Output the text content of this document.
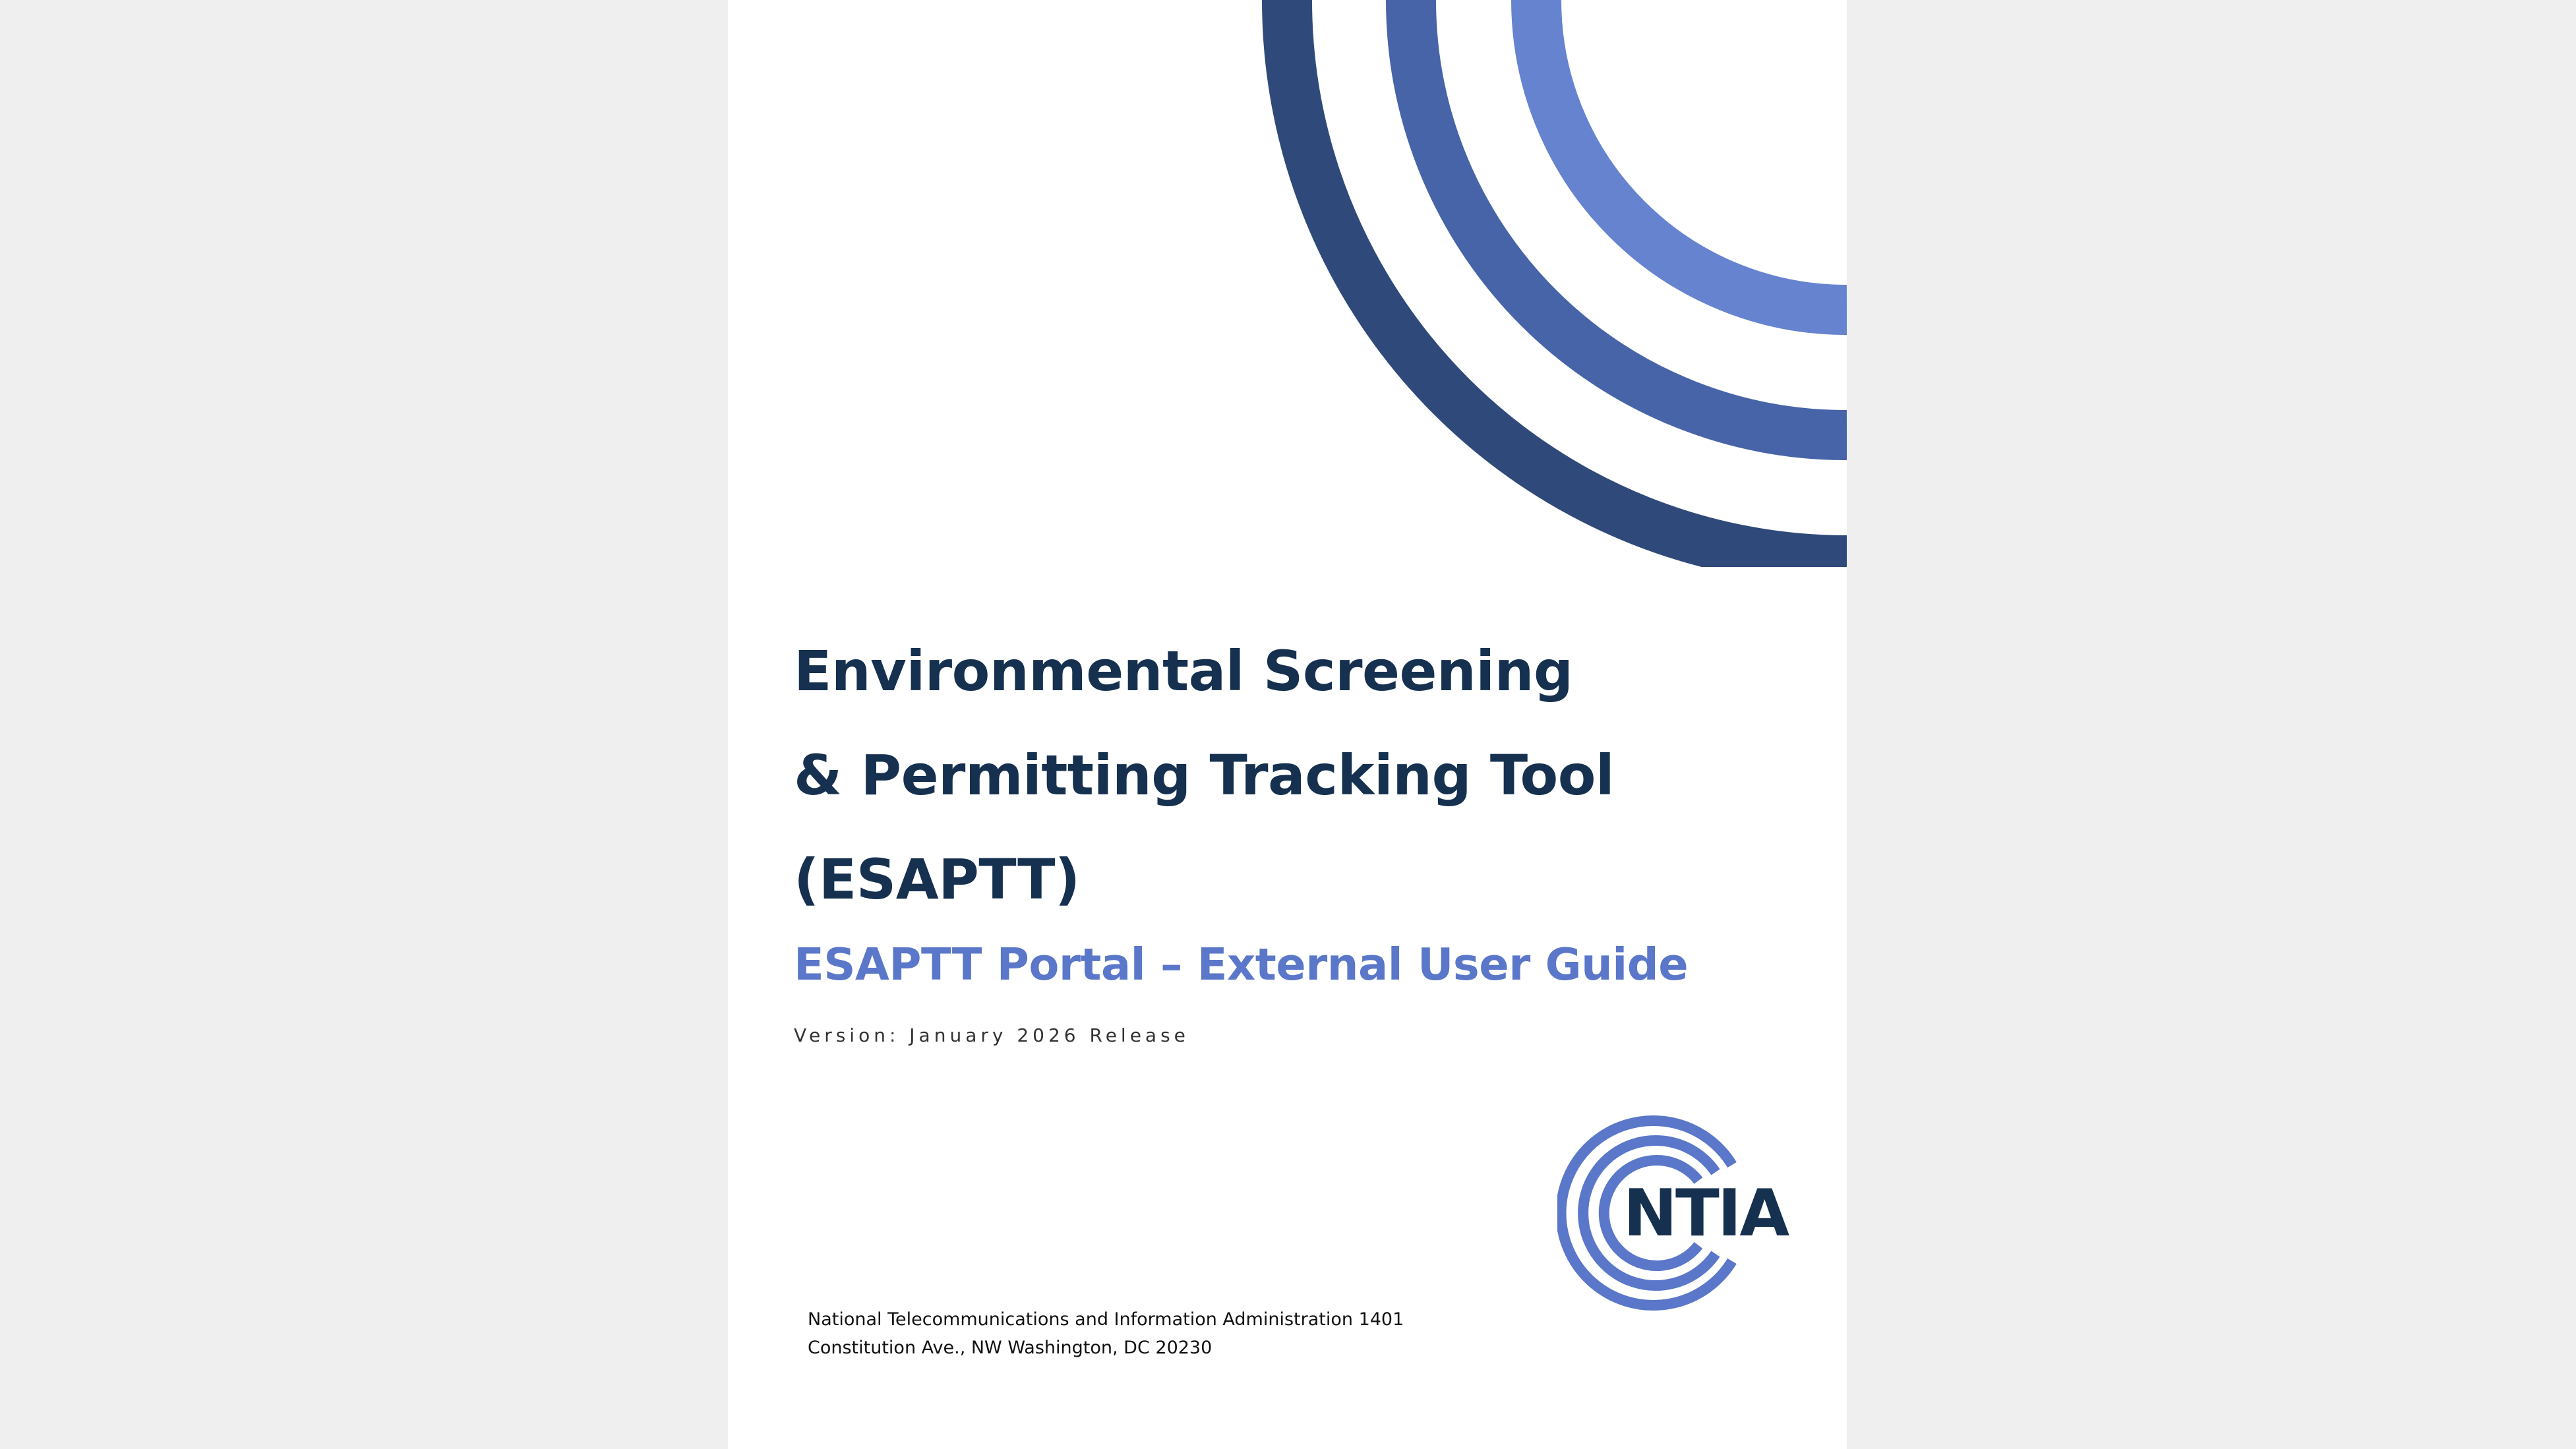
Environmental Screening
& Permitting Tracking Tool
(ESAPTT)
ESAPTT Portal – External User Guide

Version: January 2026 Release

NTIA

National Telecommunications and Information Administration 1401
Constitution Ave., NW Washington, DC 20230
